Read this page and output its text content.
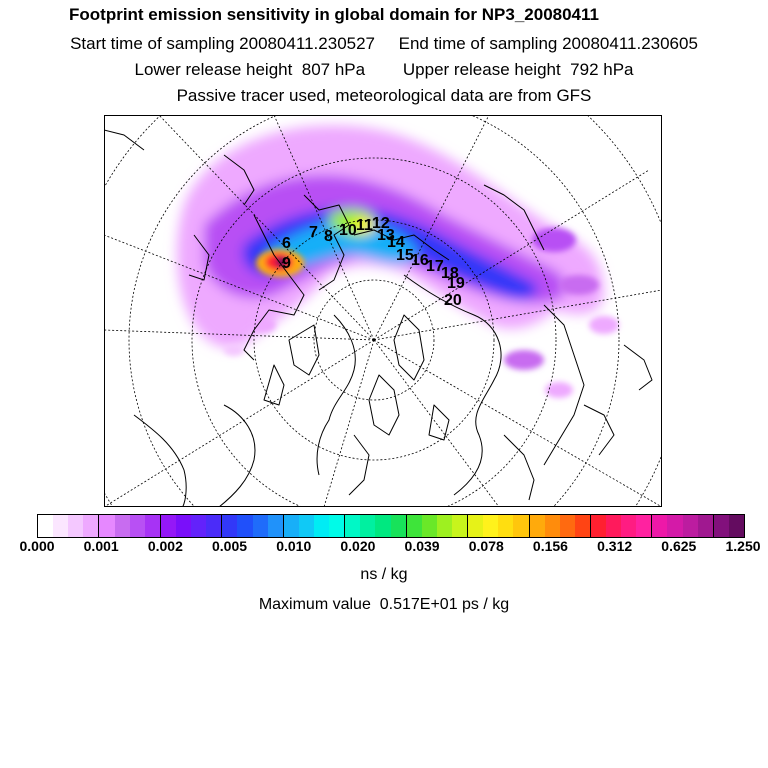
Footprint emission sensitivity in global domain for NP3_20080411
Start time of sampling 20080411.230527     End time of sampling 20080411.230605
Lower release height  807 hPa        Upper release height  792 hPa
Passive tracer used, meteorological data are from GFS
6
7 8
9
10 11 12
13
14
15
16
17
18
19
20
0.000 0.001 0.002 0.005 0.010 0.020 0.039 0.078 0.156 0.312 0.625 1.250
ns / kg
Maximum value  0.517E+01 ps / kg
